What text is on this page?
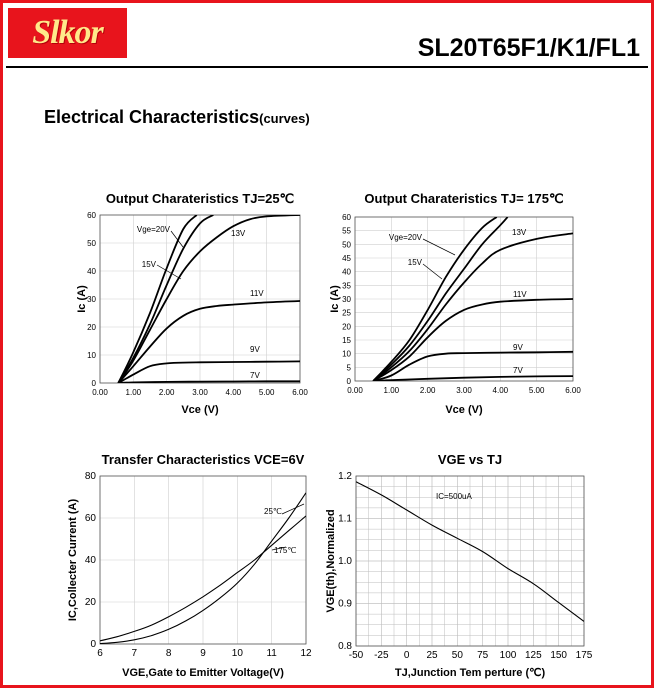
Slkor	SL20T65F1/K1/FL1
Electrical Characteristics(curves)
Output Charateristics TJ=25℃
0.00 1.00 2.00 3.00 4.00 5.00 6.00
0
10
20
30
40
50
60
Vce (V)
Ic (A)
Vge=20V
15V
13V
11V
9V
7V
Output Charateristics TJ= 175℃
0.00	1.00	2.00	3.00	4.00	5.00	6.00
0
5
10
15
20
25
30
35
40
45
50
55
60
Vce (V)
Ic (A)
Vge=20V
15V
13V
11V
9V
7V
Transfer Characteristics VCE=6V
6	7	8	9	10 11 12
0
20
40
60
80
VGE,Gate to Emitter Voltage(V)
IC,Collecter Current (A)	25℃
175℃
VGE vs TJ
-50 -25 0 25 50 75 100 125 150 175
0.8
0.9
1.0
1.1
1.2
TJ,Junction Tem perture (℃)
VGE(th),Normalized
IC=500uA
